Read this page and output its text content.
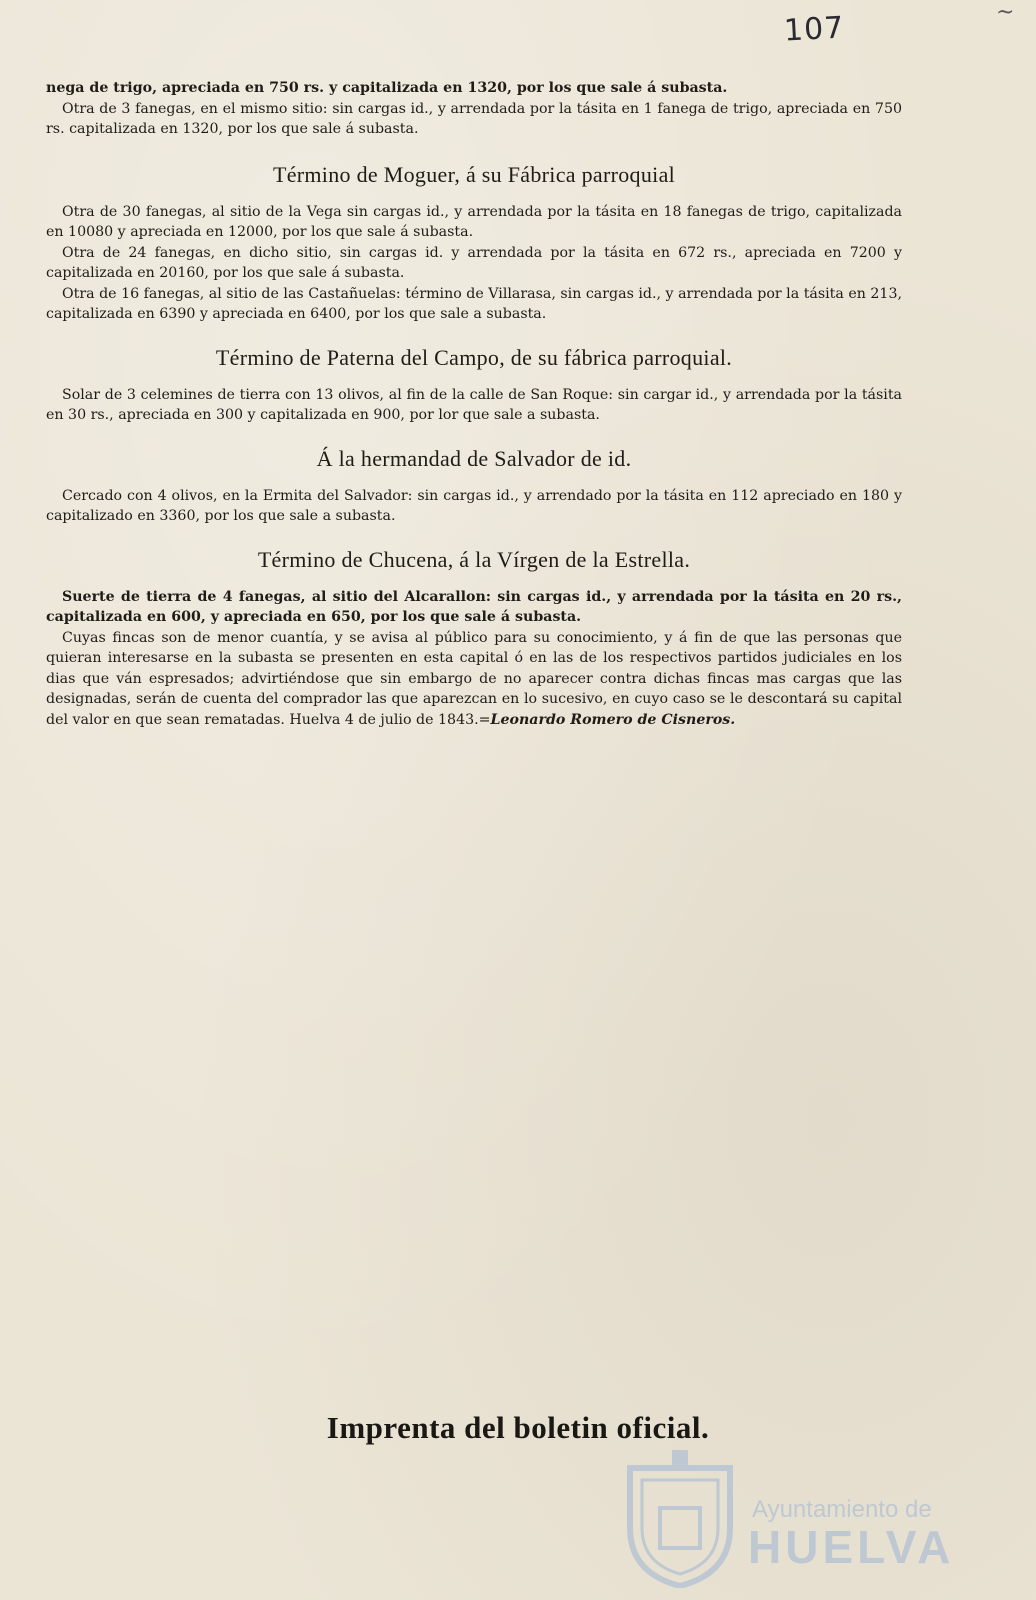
107	~

nega de trigo, apreciada en 750 rs. y capitalizada en 1320, por los que sale á subasta.

Otra de 3 fanegas, en el mismo sitio: sin cargas id., y arrendada por la tásita en 1 fanega de trigo, apreciada en 750 rs. capitalizada en 1320, por los que sale á subasta.

Término de Moguer, á su Fábrica parroquial

Otra de 30 fanegas, al sitio de la Vega sin cargas id., y arrendada por la tásita en 18 fanegas de trigo, capitalizada en 10080 y apreciada en 12000, por los que sale á subasta.

Otra de 24 fanegas, en dicho sitio, sin cargas id. y arrendada por la tásita en 672 rs., apreciada en 7200 y capitalizada en 20160, por los que sale á subasta.

Otra de 16 fanegas, al sitio de las Castañuelas: término de Villarasa, sin cargas id., y arrendada por la tásita en 213, capitalizada en 6390 y apreciada en 6400, por los que sale a subasta.

Término de Paterna del Campo, de su fábrica parroquial.

Solar de 3 celemines de tierra con 13 olivos, al fin de la calle de San Roque: sin cargar id., y arrendada por la tásita en 30 rs., apreciada en 300 y capitalizada en 900, por lor que sale a subasta.

Á la hermandad de Salvador de id.

Cercado con 4 olivos, en la Ermita del Salvador: sin cargas id., y arrendado por la tásita en 112 apreciado en 180 y capitalizado en 3360, por los que sale a subasta.

Término de Chucena, á la Vírgen de la Estrella.

Suerte de tierra de 4 fanegas, al sitio del Alcarallon: sin cargas id., y arrendada por la tásita en 20 rs., capitalizada en 600, y apreciada en 650, por los que sale á subasta.

Cuyas fincas son de menor cuantía, y se avisa al público para su conocimiento, y á fin de que las personas que quieran interesarse en la subasta se presenten en esta capital ó en las de los respectivos partidos judiciales en los dias que ván espresados; advirtiéndose que sin embargo de no aparecer contra dichas fincas mas cargas que las designadas, serán de cuenta del comprador las que aparezcan en lo sucesivo, en cuyo caso se le descontará su capital del valor en que sean rematadas. Huelva 4 de julio de 1843.=Leonardo Romero de Cisneros.

Imprenta del boletin oficial.
Ayuntamiento de
HUELVA
